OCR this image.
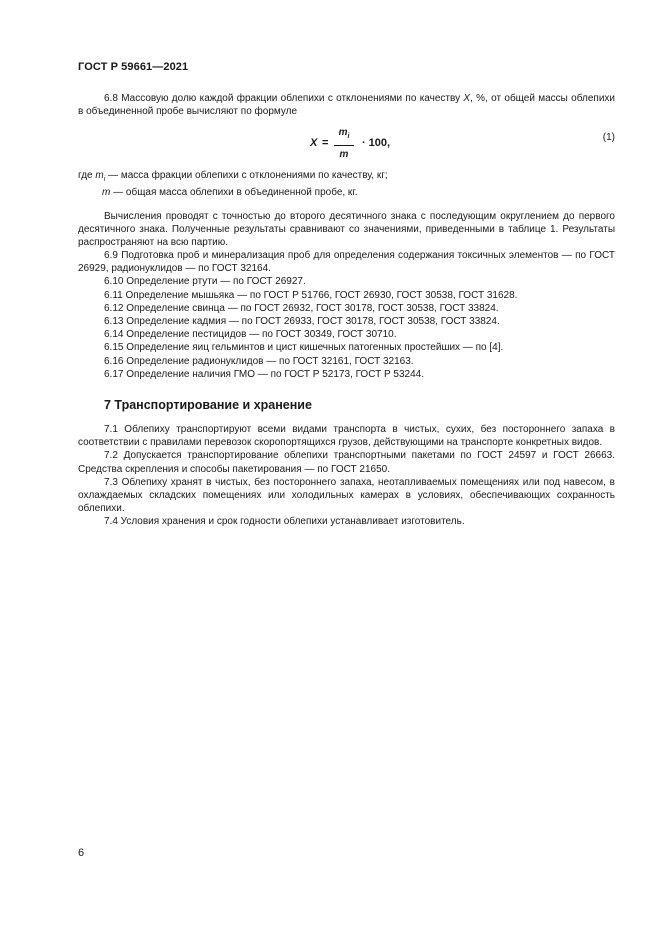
ГОСТ Р 59661—2021

6.8 Массовую долю каждой фракции облепихи с отклонениями по качеству X, %, от общей массы облепихи в объединенной пробе вычисляют по формуле

X =
$m_i$
m
· 100,	(1)
где $m_i$ — масса фракции облепихи с отклонениями по качеству, кг;
m — общая масса облепихи в объединенной пробе, кг.

Вычисления проводят с точностью до второго десятичного знака с последующим округлением до первого десятичного знака. Полученные результаты сравнивают со значениями, приведенными в таблице 1. Результаты распространяют на всю партию.

6.9 Подготовка проб и минерализация проб для определения содержания токсичных элементов — по ГОСТ 26929, радионуклидов — по ГОСТ 32164.

6.10 Определение ртути — по ГОСТ 26927.

6.11 Определение мышьяка — по ГОСТ Р 51766, ГОСТ 26930, ГОСТ 30538, ГОСТ 31628.

6.12 Определение свинца — по ГОСТ 26932, ГОСТ 30178, ГОСТ 30538, ГОСТ 33824.

6.13 Определение кадмия — по ГОСТ 26933, ГОСТ 30178, ГОСТ 30538, ГОСТ 33824.

6.14 Определение пестицидов — по ГОСТ 30349, ГОСТ 30710.

6.15 Определение яиц гельминтов и цист кишечных патогенных простейших — по [4].

6.16 Определение радионуклидов — по ГОСТ 32161, ГОСТ 32163.

6.17 Определение наличия ГМО — по ГОСТ Р 52173, ГОСТ Р 53244.

7 Транспортирование и хранение

7.1 Облепиху транспортируют всеми видами транспорта в чистых, сухих, без постороннего запаха в соответствии с правилами перевозок скоропортящихся грузов, действующими на транспорте конкретных видов.

7.2 Допускается транспортирование облепихи транспортными пакетами по ГОСТ 24597 и ГОСТ 26663. Средства скрепления и способы пакетирования — по ГОСТ 21650.

7.3 Облепиху хранят в чистых, без постороннего запаха, неотапливаемых помещениях или под навесом, в охлаждаемых складских помещениях или холодильных камерах в условиях, обеспечивающих сохранность облепихи.

7.4 Условия хранения и срок годности облепихи устанавливает изготовитель.

6
